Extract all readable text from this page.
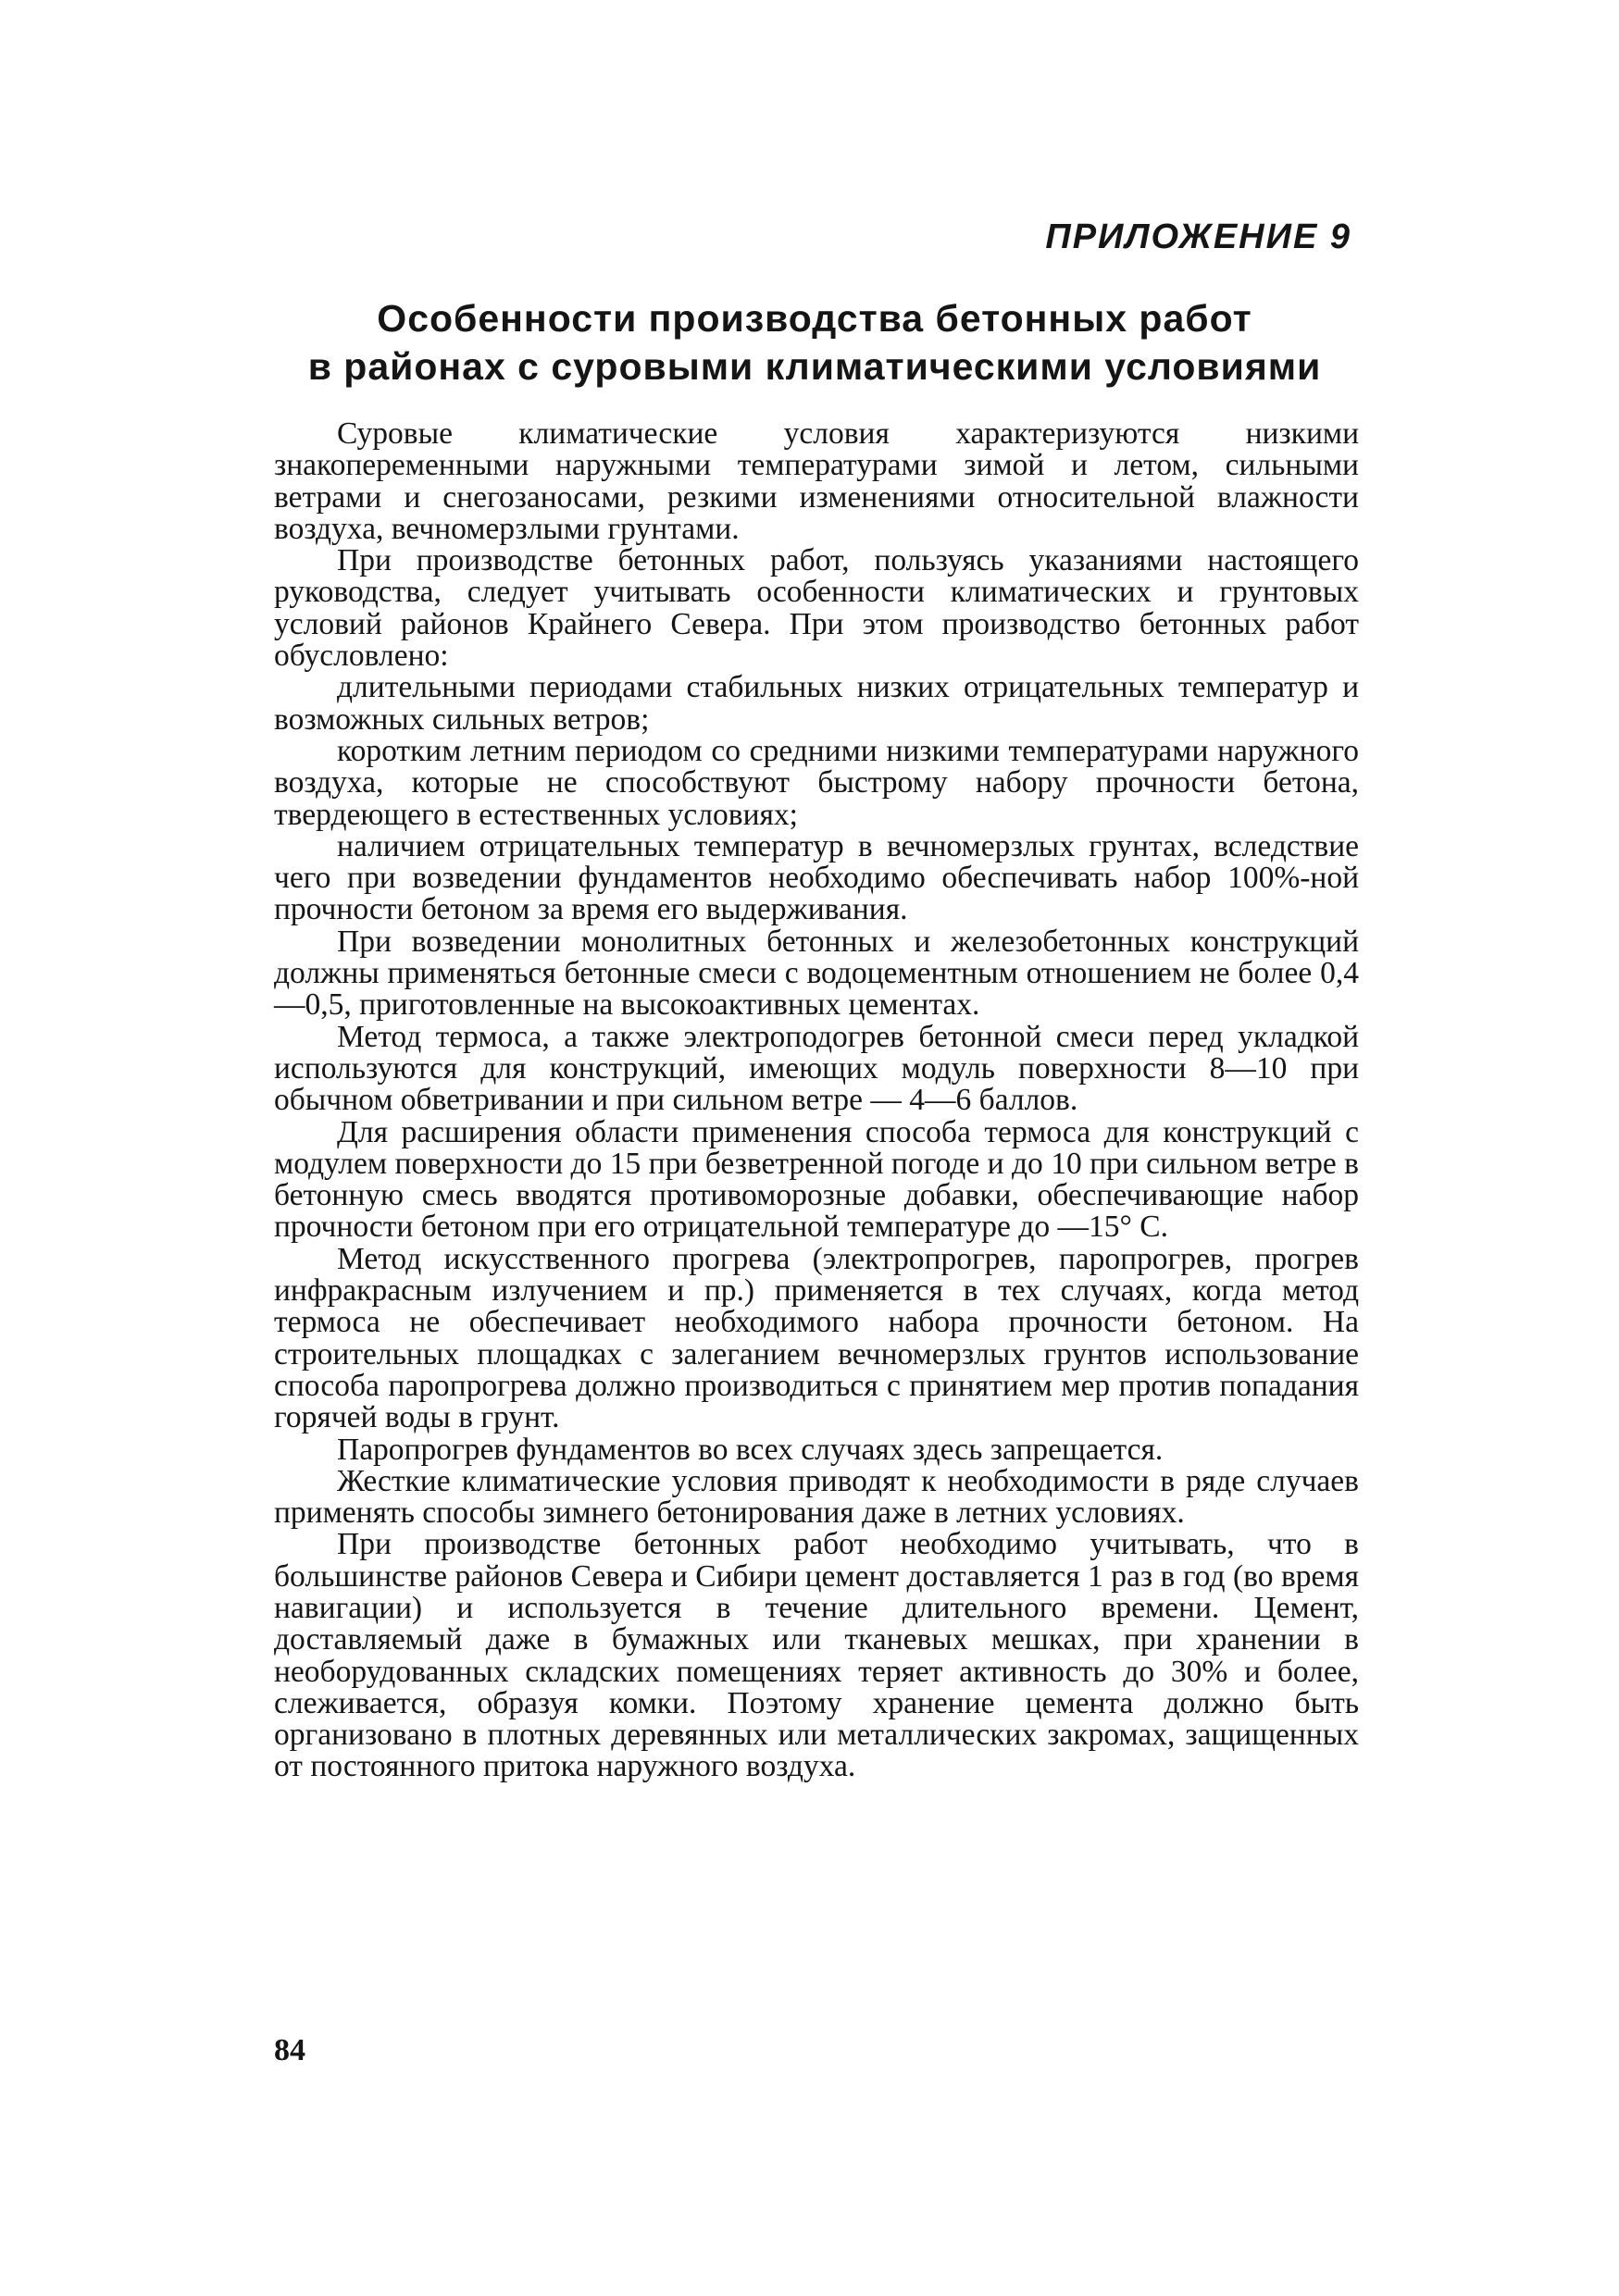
ПРИЛОЖЕНИЕ 9
Особенности производства бетонных работ
в районах с суровыми климатическими условиями

Суровые климатические условия характеризуются низкими знакопеременными наружными температурами зимой и летом, сильными ветрами и снегозаносами, резкими изменениями относительной влажности воздуха, вечномерзлыми грунтами.

При производстве бетонных работ, пользуясь указаниями настоящего руководства, следует учитывать особенности климатических и грунтовых условий районов Крайнего Севера. При этом производство бетонных работ обусловлено:

длительными периодами стабильных низких отрицательных температур и возможных сильных ветров;

коротким летним периодом со средними низкими температурами наружного воздуха, которые не способствуют быстрому набору прочности бетона, твердеющего в естественных условиях;

наличием отрицательных температур в вечномерзлых грунтах, вследствие чего при возведении фундаментов необходимо обеспечивать набор 100%-ной прочности бетоном за время его выдерживания.

При возведении монолитных бетонных и железобетонных конструкций должны применяться бетонные смеси с водоцементным отношением не более 0,4—0,5, приготовленные на высокоактивных цементах.

Метод термоса, а также электроподогрев бетонной смеси перед укладкой используются для конструкций, имеющих модуль поверхности 8—10 при обычном обветривании и при сильном ветре — 4—6 баллов.

Для расширения области применения способа термоса для конструкций с модулем поверхности до 15 при безветренной погоде и до 10 при сильном ветре в бетонную смесь вводятся противоморозные добавки, обеспечивающие набор прочности бетоном при его отрицательной температуре до —15° С.

Метод искусственного прогрева (электропрогрев, паропрогрев, прогрев инфракрасным излучением и пр.) применяется в тех случаях, когда метод термоса не обеспечивает необходимого набора прочности бетоном. На строительных площадках с залеганием вечномерзлых грунтов использование способа паропрогрева должно производиться с принятием мер против попадания горячей воды в грунт.

Паропрогрев фундаментов во всех случаях здесь запрещается.

Жесткие климатические условия приводят к необходимости в ряде случаев применять способы зимнего бетонирования даже в летних условиях.

При производстве бетонных работ необходимо учитывать, что в большинстве районов Севера и Сибири цемент доставляется 1 раз в год (во время навигации) и используется в течение длительного времени. Цемент, доставляемый даже в бумажных или тканевых мешках, при хранении в необорудованных складских помещениях теряет активность до 30% и более, слеживается, образуя комки. Поэтому хранение цемента должно быть организовано в плотных деревянных или металлических закромах, защищенных от постоянного притока наружного воздуха.

84
